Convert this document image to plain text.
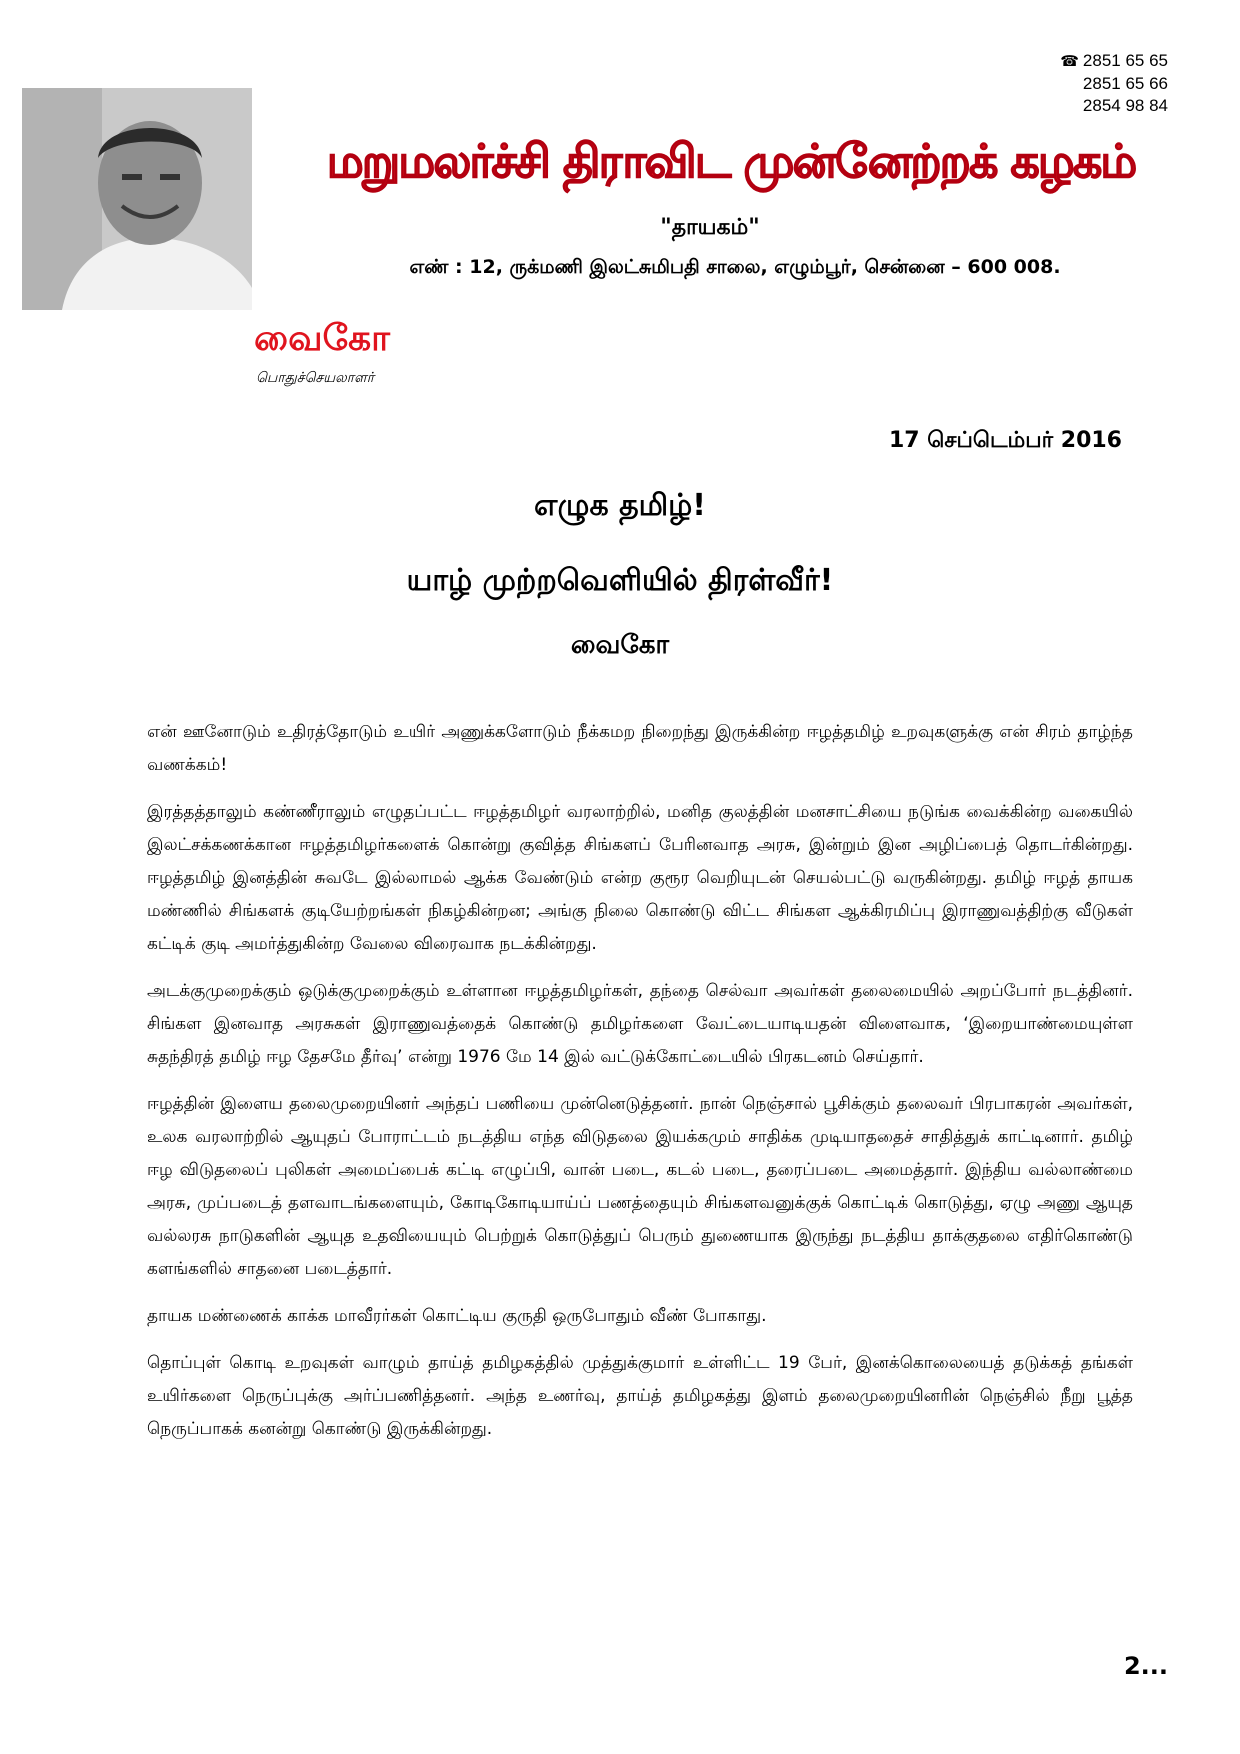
☎ 2851 65 65
2851 65 66
2854 98 84
மறுமலர்ச்சி திராவிட முன்னேற்றக் கழகம்
"தாயகம்"
எண் : 12, ருக்மணி இலட்சுமிபதி சாலை, எழும்பூர், சென்னை – 600 008.
வைகோ
பொதுச்செயலாளர்
17 செப்டெம்பர் 2016
எழுக தமிழ்!
யாழ் முற்றவெளியில் திரள்வீர்!
வைகோ

என் ஊனோடும் உதிரத்தோடும் உயிர் அணுக்களோடும் நீக்கமற நிறைந்து இருக்கின்ற ஈழத்தமிழ் உறவுகளுக்கு என் சிரம் தாழ்ந்த வணக்கம்!

இரத்தத்தாலும் கண்ணீராலும் எழுதப்பட்ட ஈழத்தமிழர் வரலாற்றில், மனித குலத்தின் மனசாட்சியை நடுங்க வைக்கின்ற வகையில் இலட்சக்கணக்கான ஈழத்தமிழர்களைக் கொன்று குவித்த சிங்களப் பேரினவாத அரசு, இன்றும் இன அழிப்பைத் தொடர்கின்றது. ஈழத்தமிழ் இனத்தின் சுவடே இல்லாமல் ஆக்க வேண்டும் என்ற குரூர வெறியுடன் செயல்பட்டு வருகின்றது. தமிழ் ஈழத் தாயக மண்ணில் சிங்களக் குடியேற்றங்கள் நிகழ்கின்றன; அங்கு நிலை கொண்டு விட்ட சிங்கள ஆக்கிரமிப்பு இராணுவத்திற்கு வீடுகள் கட்டிக் குடி அமர்த்துகின்ற வேலை விரைவாக நடக்கின்றது.

அடக்குமுறைக்கும் ஒடுக்குமுறைக்கும் உள்ளான ஈழத்தமிழர்கள், தந்தை செல்வா அவர்கள் தலைமையில் அறப்போர் நடத்தினர். சிங்கள இனவாத அரசுகள் இராணுவத்தைக் கொண்டு தமிழர்களை வேட்டையாடியதன் விளைவாக, ‘இறையாண்மையுள்ள சுதந்திரத் தமிழ் ஈழ தேசமே தீர்வு’ என்று 1976 மே 14 இல் வட்டுக்கோட்டையில் பிரகடனம் செய்தார்.

ஈழத்தின் இளைய தலைமுறையினர் அந்தப் பணியை முன்னெடுத்தனர். நான் நெஞ்சால் பூசிக்கும் தலைவர் பிரபாகரன் அவர்கள், உலக வரலாற்றில் ஆயுதப் போராட்டம் நடத்திய எந்த விடுதலை இயக்கமும் சாதிக்க முடியாததைச் சாதித்துக் காட்டினார். தமிழ் ஈழ விடுதலைப் புலிகள் அமைப்பைக் கட்டி எழுப்பி, வான் படை, கடல் படை, தரைப்படை அமைத்தார். இந்திய வல்லாண்மை அரசு, முப்படைத் தளவாடங்களையும், கோடிகோடியாய்ப் பணத்தையும் சிங்களவனுக்குக் கொட்டிக் கொடுத்து, ஏழு அணு ஆயுத வல்லரசு நாடுகளின் ஆயுத உதவியையும் பெற்றுக் கொடுத்துப் பெரும் துணையாக இருந்து நடத்திய தாக்குதலை எதிர்கொண்டு களங்களில் சாதனை படைத்தார்.

தாயக மண்ணைக் காக்க மாவீரர்கள் கொட்டிய குருதி ஒருபோதும் வீண் போகாது.

தொப்புள் கொடி உறவுகள் வாழும் தாய்த் தமிழகத்தில் முத்துக்குமார் உள்ளிட்ட 19 பேர், இனக்கொலையைத் தடுக்கத் தங்கள் உயிர்களை நெருப்புக்கு அர்ப்பணித்தனர். அந்த உணர்வு, தாய்த் தமிழகத்து இளம் தலைமுறையினரின் நெஞ்சில் நீறு பூத்த நெருப்பாகக் கனன்று கொண்டு இருக்கின்றது.

2...
